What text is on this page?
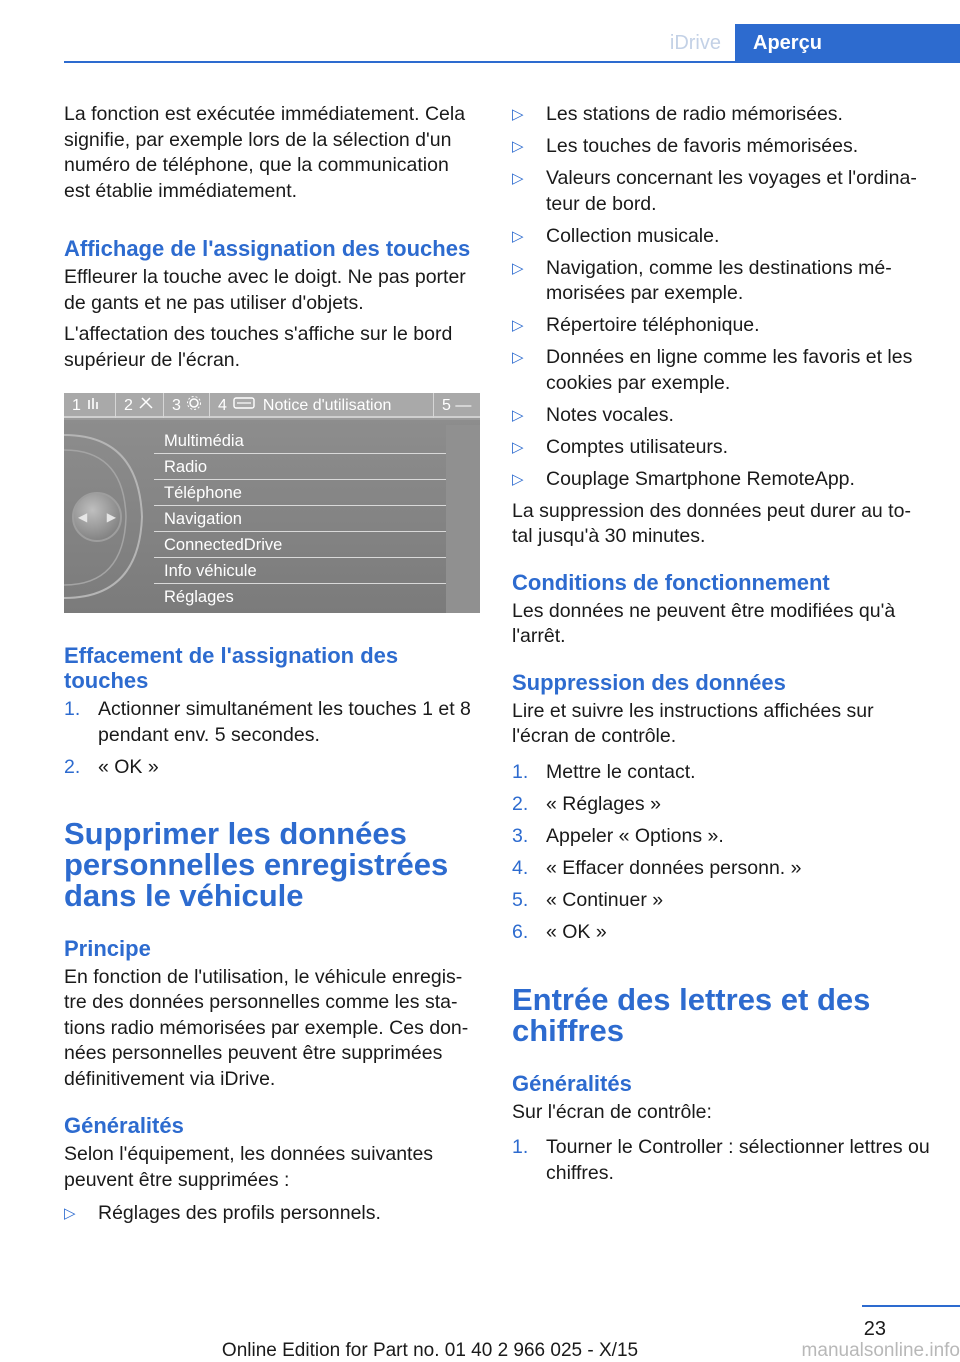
iDrive	Aperçu

La fonction est exécutée immédiatement. Cela signifie, par exemple lors de la sélection d'un numéro de téléphone, que la communication est établie immédiatement.

Affichage de l'assignation des touches

Effleurer la touche avec le doigt. Ne pas porter de gants et ne pas utiliser d'objets.

L'affectation des touches s'affiche sur le bord supérieur de l'écran.

1	2 3 4 Notice d'utilisation	5 —
◀ ▶
Multimédia
Radio
Téléphone
Navigation
ConnectedDrive
Info véhicule
Réglages
Effacement de l'assignation des touches
1. Actionner simultanément les touches 1 et 8 pendant env. 5 secondes.
2. « OK »
Supprimer les données personnelles enregistrées dans le véhicule
Principe

En fonction de l'utilisation, le véhicule enregis‐ tre des données personnelles comme les sta‐ tions radio mémorisées par exemple. Ces don‐ nées personnelles peuvent être supprimées définitivement via iDrive.

Généralités

Selon l'équipement, les données suivantes peuvent être supprimées :

▷ Réglages des profils personnels.
▷ Les stations de radio mémorisées.
▷ Les touches de favoris mémorisées.
▷ Valeurs concernant les voyages et l'ordina‐ teur de bord.
▷ Collection musicale.
▷ Navigation, comme les destinations mé‐ morisées par exemple.
▷ Répertoire téléphonique.
▷ Données en ligne comme les favoris et les cookies par exemple.
▷ Notes vocales.
▷ Comptes utilisateurs.
▷ Couplage Smartphone RemoteApp.

La suppression des données peut durer au to‐ tal jusqu'à 30 minutes.

Conditions de fonctionnement

Les données ne peuvent être modifiées qu'à l'arrêt.

Suppression des données

Lire et suivre les instructions affichées sur l'écran de contrôle.

1. Mettre le contact.
2. « Réglages »
3. Appeler « Options ».
4. « Effacer données personn. »
5. « Continuer »
6. « OK »
Entrée des lettres et des chiffres
Généralités

Sur l'écran de contrôle:

1. Tourner le Controller : sélectionner lettres ou chiffres.
23
Online Edition for Part no. 01 40 2 966 025 - X/15	manualsonline.info
